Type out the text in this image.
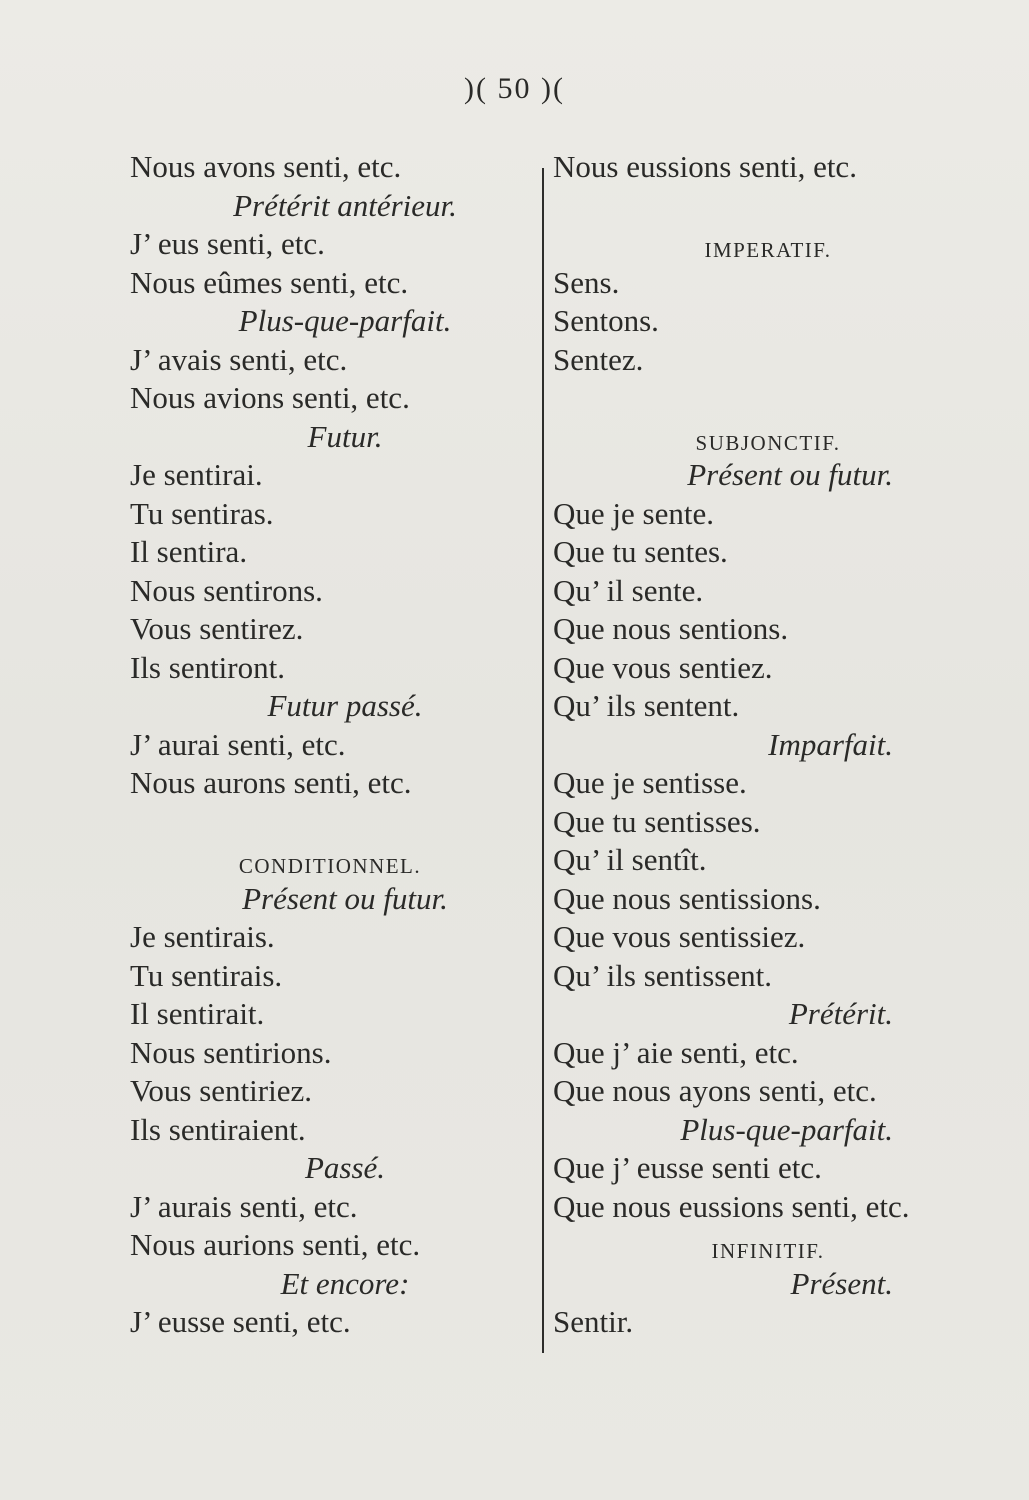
)( 50 )(
Nous avons senti, etc.
Prétérit antérieur.
J’ eus senti, etc.
Nous eûmes senti, etc.
Plus-que-parfait.
J’ avais senti, etc.
Nous avions senti, etc.
Futur.
Je sentirai.
Tu sentiras.
Il sentira.
Nous sentirons.
Vous sentirez.
Ils sentiront.
Futur passé.
J’ aurai senti, etc.
Nous aurons senti, etc.
CONDITIONNEL.
Présent ou futur.
Je sentirais.
Tu sentirais.
Il sentirait.
Nous sentirions.
Vous sentiriez.
Ils sentiraient.
Passé.
J’ aurais senti, etc.
Nous aurions senti, etc.
Et encore:
J’ eusse senti, etc.
Nous eussions senti, etc.
IMPERATIF.
Sens.
Sentons.
Sentez.
SUBJONCTIF.
Présent ou futur.
Que je sente.
Que tu sentes.
Qu’ il sente.
Que nous sentions.
Que vous sentiez.
Qu’ ils sentent.
Imparfait.
Que je sentisse.
Que tu sentisses.
Qu’ il sentît.
Que nous sentissions.
Que vous sentissiez.
Qu’ ils sentissent.
Prétérit.
Que j’ aie senti, etc.
Que nous ayons senti, etc.
Plus-que-parfait.
Que j’ eusse senti etc.
Que nous eussions senti, etc.
INFINITIF.
Présent.
Sentir.
